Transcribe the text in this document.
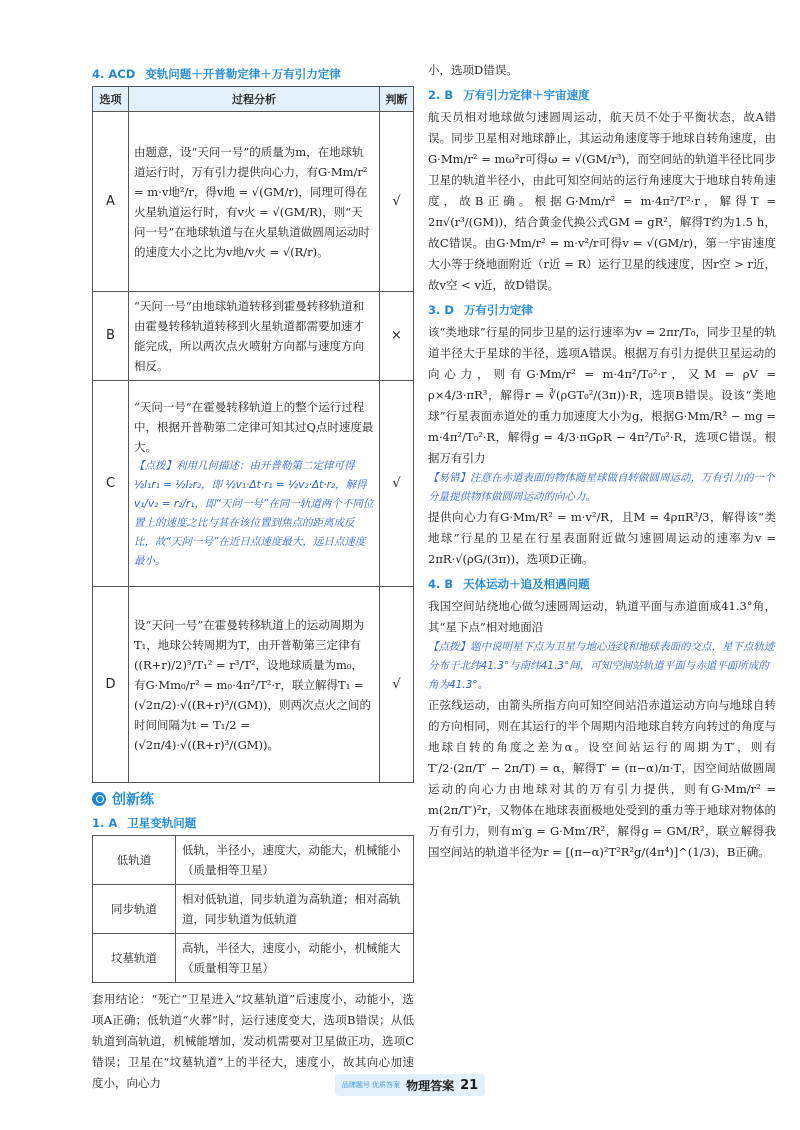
4. ACD 变轨问题＋开普勒定律＋万有引力定律
选项	过程分析	判断
A	由题意，设“天问一号”的质量为m，在地球轨道运行时，万有引力提供向心力，有G·Mm/r² = m·v地²/r，得v地 = √(GM/r)，同理可得在火星轨道运行时，有v火 = √(GM/R)，则“天问一号”在地球轨道与在火星轨道做圆周运动时的速度大小之比为v地/v火 = √(R/r)。	√
B	“天问一号”由地球轨道转移到霍曼转移轨道和由霍曼转移轨道转移到火星轨道都需要加速才能完成，所以两次点火喷射方向都与速度方向相反。	×
C	“天问一号”在霍曼转移轨道上的整个运行过程中，根据开普勒第二定律可知其过Q点时速度最大。
【点拨】利用几何描述：由开普勒第二定律可得 ½l₁r₁ = ½l₂r₂，即 ½v₁·Δt·r₁ = ½v₂·Δt·r₂，解得 v₁/v₂ = r₂/r₁，即“天问一号”在同一轨道两个不同位置上的速度之比与其在该位置到焦点的距离成反比，故“天问一号”在近日点速度最大，远日点速度最小。	√
D	设“天问一号”在霍曼转移轨道上的运动周期为T₁，地球公转周期为T，由开普勒第三定律有((R+r)/2)³/T₁² = r³/T²，设地球质量为m₀，有G·Mm₀/r² = m₀·4π²/T²·r，联立解得T₁ = (√2π/2)·√((R+r)³/(GM))，则两次点火之间的时间间隔为t = T₁/2 = (√2π/4)·√((R+r)³/(GM))。	√
创新练
1. A 卫星变轨问题
低轨道	低轨，半径小，速度大，动能大，机械能小（质量相等卫星）
同步轨道	相对低轨道，同步轨道为高轨道；相对高轨道，同步轨道为低轨道
坟墓轨道	高轨，半径大，速度小，动能小，机械能大（质量相等卫星）
套用结论：“死亡”卫星进入“坟墓轨道”后速度小，动能小，选项A正确；低轨道“火葬”时，运行速度变大，选项B错误；从低轨道到高轨道，机械能增加，发动机需要对卫星做正功，选项C错误；卫星在“坟墓轨道”上的半径大，速度小，故其向心加速度小，向心力
小，选项D错误。
2. B 万有引力定律＋宇宙速度
航天员相对地球做匀速圆周运动，航天员不处于平衡状态，故A错误。同步卫星相对地球静止，其运动角速度等于地球自转角速度，由G·Mm/r² = mω²r可得ω = √(GM/r³)，而空间站的轨道半径比同步卫星的轨道半径小，由此可知空间站的运行角速度大于地球自转角速度，故B正确。根据G·Mm/r² = m·4π²/T²·r，解得T = 2π√(r³/(GM))，结合黄金代换公式GM = gR²，解得T约为1.5 h，故C错误。由G·Mm/r² = m·v²/r可得v = √(GM/r)，第一宇宙速度大小等于绕地面附近（r近 = R）运行卫星的线速度，因r空 > r近，故v空 < v近，故D错误。
3. D 万有引力定律
该“类地球”行星的同步卫星的运行速率为v = 2πr/T₀，同步卫星的轨道半径大于星球的半径，选项A错误。根据万有引力提供卫星运动的向心力，则有G·Mm/r² = m·4π²/T₀²·r，又M = ρV = ρ×4/3·πR³，解得r = ∛(ρGT₀²/(3π))·R，选项B错误。设该“类地球”行星表面赤道处的重力加速度大小为g，根据G·Mm/R² − mg = m·4π²/T₀²·R，解得g = 4/3·πGρR − 4π²/T₀²·R，选项C错误。根据万有引力
【易错】注意在赤道表面的物体随星球做自转做圆周运动，万有引力的一个分量提供物体做圆周运动的向心力。
提供向心力有G·Mm/R² = m·v²/R，且M = 4ρπR³/3，解得该“类地球”行星的卫星在行星表面附近做匀速圆周运动的速率为v = 2πR·√(ρG/(3π))，选项D正确。
4. B 天体运动＋追及相遇问题
我国空间站绕地心做匀速圆周运动，轨道平面与赤道面成41.3°角，其“星下点”相对地面沿
【点拨】题中说明星下点为卫星与地心连线和地球表面的交点，星下点轨迹分布于北纬41.3°与南纬41.3°间，可知空间站轨道平面与赤道平面所成的角为41.3°。
正弦线运动，由箭头所指方向可知空间站沿赤道运动方向与地球自转的方向相同，则在其运行的半个周期内沿地球自转方向转过的角度与地球自转的角度之差为α。设空间站运行的周期为T′，则有T′/2·(2π/T′ − 2π/T) = α，解得T′ = (π−α)/π·T，因空间站做圆周运动的向心力由地球对其的万有引力提供，则有G·Mm/r² = m(2π/T′)²r，又物体在地球表面极地处受到的重力等于地球对物体的万有引力，则有m′g = G·Mm′/R²，解得g = GM/R²，联立解得我国空间站的轨道半径为r = [(π−α)²T²R²g/(4π⁴)]^(1/3)，B正确。
品牌题号 优质答案 物理答案 21
